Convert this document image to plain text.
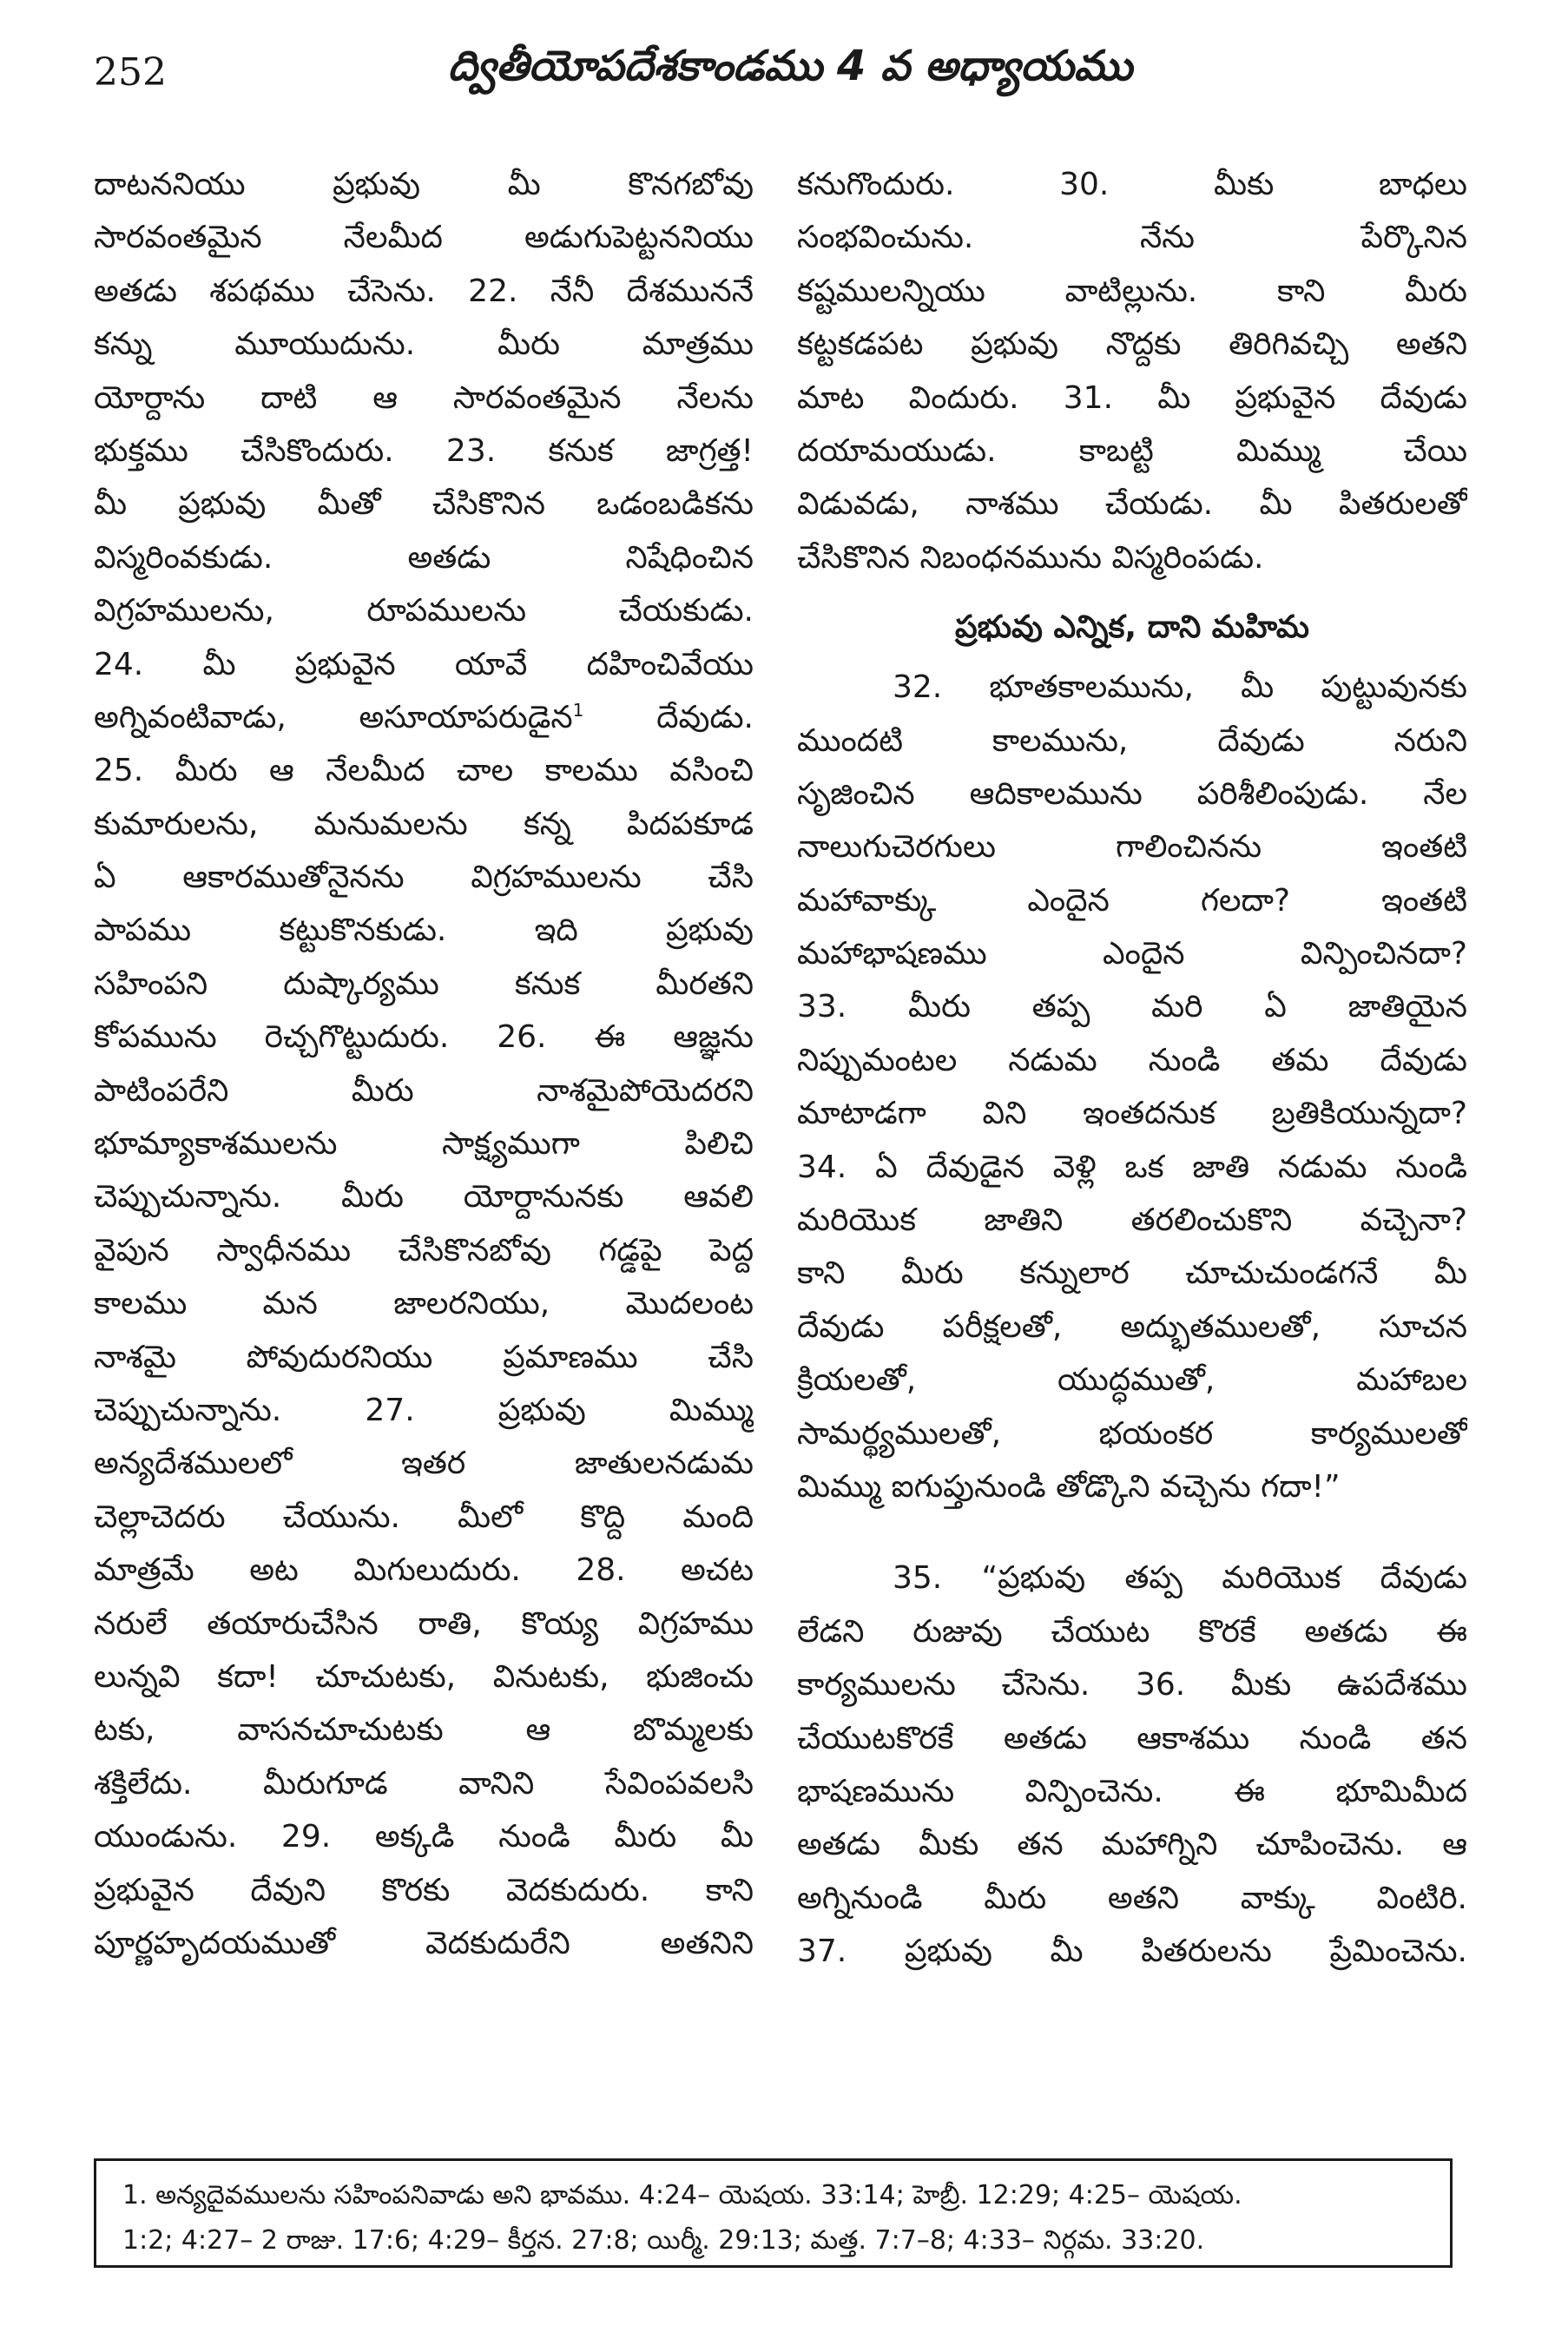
252	ద్వితీయోపదేశకాండము 4 వ అధ్యాయము
దాటననియు ప్రభువు మీ కొనగబోవు
సారవంతమైన నేలమీద అడుగుపెట్టననియు
అతడు శపథము చేసెను. 22. నేనీ దేశముననే
కన్ను మూయుదును. మీరు మాత్రము
యోర్దాను దాటి ఆ సారవంతమైన నేలను
భుక్తము చేసికొందురు. 23. కనుక జాగ్రత్త!
మీ ప్రభువు మీతో చేసికొనిన ఒడంబడికను
విస్మరింవకుడు. అతడు నిషేధించిన
విగ్రహములను, రూపములను చేయకుడు.
24. మీ ప్రభువైన యావే దహించివేయు
అగ్నివంటివాడు, అసూయాపరుడైన$^1$ దేవుడు.
25. మీరు ఆ నేలమీద చాల కాలము వసించి
కుమారులను, మనుమలను కన్న పిదపకూడ
ఏ ఆకారముతోనైనను విగ్రహములను చేసి
పాపము కట్టుకొనకుడు. ఇది ప్రభువు
సహింపని దుష్కార్యము కనుక మీరతని
కోపమును రెచ్చగొట్టుదురు. 26. ఈ ఆజ్ఞను
పాటింపరేని మీరు నాశమైపోయెదరని
భూమ్యాకాశములను సాక్ష్యముగా పిలిచి
చెప్పుచున్నాను. మీరు యోర్దానునకు ఆవలి
వైపున స్వాధీనము చేసికొనబోవు గడ్డపై పెద్ద
కాలము మన జాలరనియు, మొదలంట
నాశమై పోవుదురనియు ప్రమాణము చేసి
చెప్పుచున్నాను. 27. ప్రభువు మిమ్ము
అన్యదేశములలో ఇతర జాతులనడుమ
చెల్లాచెదరు చేయును. మీలో కొద్ది మంది
మాత్రమే అట మిగులుదురు. 28. అచట
నరులే తయారుచేసిన రాతి, కొయ్య విగ్రహము
లున్నవి కదా! చూచుటకు, వినుటకు, భుజించు
టకు, వాసనచూచుటకు ఆ బొమ్మలకు
శక్తిలేదు. మీరుగూడ వానిని సేవింపవలసి
యుండును. 29. అక్కడి నుండి మీరు మీ
ప్రభువైన దేవుని కొరకు వెదకుదురు. కాని
పూర్ణహృదయముతో వెదకుదురేని అతనిని
కనుగొందురు. 30. మీకు బాధలు
సంభవించును. నేను పేర్కొనిన
కష్టములన్నియు వాటిల్లును. కాని మీరు
కట్టకడపట ప్రభువు నొద్దకు తిరిగివచ్చి అతని
మాట విందురు. 31. మీ ప్రభువైన దేవుడు
దయామయుడు. కాబట్టి మిమ్ము చేయి
విడువడు, నాశము చేయడు. మీ పితరులతో
చేసికొనిన నిబంధనమును విస్మరింపడు.
ప్రభువు ఎన్నిక, దాని మహిమ
32. భూతకాలమును, మీ పుట్టువునకు
ముందటి కాలమును, దేవుడు నరుని
సృజించిన ఆదికాలమును పరిశీలింపుడు. నేల
నాలుగుచెరగులు గాలించినను ఇంతటి
మహావాక్కు ఎందైన గలదా? ఇంతటి
మహాభాషణము ఎందైన విన్పించినదా?
33. మీరు తప్ప మరి ఏ జాతియైన
నిప్పుమంటల నడుమ నుండి తమ దేవుడు
మాటాడగా విని ఇంతదనుక బ్రతికియున్నదా?
34. ఏ దేవుడైన వెళ్లి ఒక జాతి నడుమ నుండి
మరియొక జాతిని తరలించుకొని వచ్చెనా?
కాని మీరు కన్నులార చూచుచుండగనే మీ
దేవుడు పరీక్షలతో, అద్భుతములతో, సూచన
క్రియలతో, యుద్ధముతో, మహాబల
సామర్థ్యములతో, భయంకర కార్యములతో
మిమ్ము ఐగుప్తునుండి తోడ్కొని వచ్చెను గదా!”
35. “ప్రభువు తప్ప మరియొక దేవుడు
లేడని రుజువు చేయుట కొరకే అతడు ఈ
కార్యములను చేసెను. 36. మీకు ఉపదేశము
చేయుటకొరకే అతడు ఆకాశము నుండి తన
భాషణమును విన్పించెను. ఈ భూమిమీద
అతడు మీకు తన మహాగ్నిని చూపించెను. ఆ
అగ్నినుండి మీరు అతని వాక్కు వింటిరి.
37. ప్రభువు మీ పితరులను ప్రేమించెను.
1. అన్యదైవములను సహింపనివాడు అని భావము. 4:24– యెషయ. 33:14; హెబ్రీ. 12:29; 4:25– యెషయ.
1:2; 4:27– 2 రాజు. 17:6; 4:29– కీర్తన. 27:8; యిర్మీ. 29:13; మత్త. 7:7–8; 4:33– నిర్గమ. 33:20.
